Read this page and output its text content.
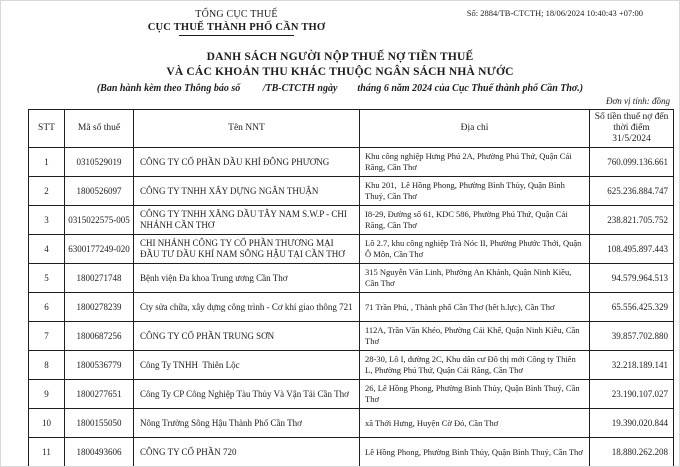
TỔNG CỤC THUẾ
CỤC THUẾ THÀNH PHỐ CẦN THƠ
Số: 2884/TB-CTCTH; 18/06/2024 10:40:43 +07:00
DANH SÁCH NGƯỜI NỘP THUẾ NỢ TIỀN THUẾ
VÀ CÁC KHOẢN THU KHÁC THUỘC NGÂN SÁCH NHÀ NƯỚC
(Ban hành kèm theo Thông báo số         /TB-CTCTH ngày        tháng 6 năm 2024 của Cục Thuế thành phố Cần Thơ.)
Đơn vị tính: đồng
STT	Mã số thuế	Tên NNT	Địa chỉ	Số tiền thuế nợ đến thời điểm 31/5/2024
1	0310529019	CÔNG TY CỔ PHẦN DẦU KHÍ ĐÔNG PHƯƠNG	Khu công nghiệp Hưng Phú 2A, Phường Phú Thứ, Quận Cái Răng, Cần Thơ	760.099.136.661
2	1800526097	CÔNG TY TNHH XÂY DỰNG NGÂN THUẬN	Khu 201,  Lê Hồng Phong, Phường Bình Thủy, Quận Bình Thuỷ, Cần Thơ	625.236.884.747
3	0315022575-005	CÔNG TY TNHH XĂNG DẦU TÂY NAM S.W.P - CHI NHÁNH CẦN THƠ	I8-29, Đường số 61, KDC 586, Phường Phú Thứ, Quận Cái Răng, Cần Thơ	238.821.705.752
4	6300177249-020	CHI NHÁNH CÔNG TY CỔ PHẦN THƯƠNG MẠI ĐẦU TƯ DẦU KHÍ NAM SÔNG HẬU TẠI CẦN THƠ	Lô 2.7, khu công nghiệp Trà Nóc II, Phường Phước Thới, Quận Ô Môn, Cần Thơ	108.495.897.443
5	1800271748	Bệnh viện Đa khoa Trung ương Cần Thơ	315 Nguyễn Văn Linh, Phường An Khánh, Quận Ninh Kiều, Cần Thơ	94.579.964.513
6	1800278239	Cty sửa chữa, xây dựng công trình - Cơ khí giao thông 721	71 Trần Phú, , Thành phố Cần Thơ (hết h.lực), Cần Thơ	65.556.425.329
7	1800687256	CÔNG TY CỔ PHẦN TRUNG SƠN	112A, Trần Văn Khéo, Phường Cái Khế, Quận Ninh Kiều, Cần Thơ	39.857.702.880
8	1800536779	Công Ty TNHH  Thiên Lộc	28-30, Lô I, đường 2C, Khu dân cư Đô thị mới Công ty Thiên L, Phường Phú Thứ, Quận Cái Răng, Cần Thơ	32.218.189.141
9	1800277651	Công Ty CP Công Nghiệp Tàu Thủy Và Vận Tải Cần Thơ	26, Lê Hồng Phong, Phường Bình Thủy, Quận Bình Thuỷ, Cần Thơ	23.190.107.027
10	1800155050	Nông Trường Sông Hậu Thành Phố Cần Thơ	xã Thới Hưng, Huyện Cờ Đỏ, Cần Thơ	19.390.020.844
11	1800493606	CÔNG TY CỔ PHẦN 720	Lê Hồng Phong, Phường Bình Thủy, Quận Bình Thuỷ, Cần Thơ	18.880.262.208
